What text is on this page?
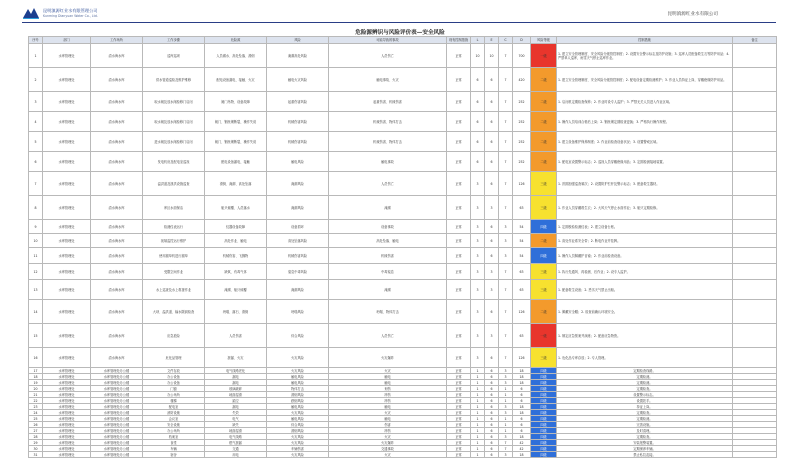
昆明滇源红业水有限管理公司
Kunming Dianyuan Water Co., Ltd.	昆明滇源红业水有限公司
危险源辨识与风险评价表—安全风险
序号	部门	工作场所	工作步骤	危险源	风险	可能导致的事故	现有控制措施	L	E	C	D	风险等级	控制措施	备注
1	水库管理处	清水海水库	巡库巡坝	人员溺水、高处坠落、滑倒	淹溺高处风险	人员伤亡	正常	10	10	7	700	一级	1. 建立安全管理制度、安全风险分级管控制度；2. 设置安全警示标志及防护设施；3. 巡库人员配备救生衣等防护用品；4. 严禁单人巡库，雨雪天气停止巡库作业。	
2	水库管理处	清水海水库	供水管道巡检及维护维修	配电设备漏电、接触、火灾	触电火灾风险	触电事故、火灾	正常	6	6	7	420	二级	1. 建立安全管理制度、安全风险分级管控制度；2. 配电设备定期检测维护；3. 作业人员持证上岗，穿戴绝缘防护用品。	
3	水库管理处	清水海水库	取水闸及放水闸检修门启闭	闸门吊物、设备故障	起重伤害风险	起重伤害、机械伤害	正常	6	6	7	252	二级	1. 启闭机定期检查保养；2. 作业时设专人监护；3. 严禁无关人员进入作业区域。	
4	水库管理处	清水海水库	取水闸及放水闸检修门启闭	闸门、钢丝绳断裂、操作失误	机械伤害风险	机械伤害、物体打击	正常	6	6	7	252	二级	1. 操作人员培训合格后上岗；2. 钢丝绳定期检查更换；3. 严格执行操作规程。	
5	水库管理处	清水海水库	进水闸及放水闸检修门启闭	闸门、钢丝绳断裂、操作失误	机械伤害风险	机械伤害、物体打击	正常	6	6	7	252	二级	1. 建立设备维护保养制度；2. 作业前检查设备状况；3. 设置警戒区域。	
6	水库管理处	清水海水库	发电机房及配电室巡视	配电设备漏电、接触	触电风险	触电事故	正常	6	6	7	252	二级	1. 配电室设置警示标志；2. 巡视人员穿戴绝缘用品；3. 定期检测接地装置。	
7	水库管理处	清水海水库	溢洪道及泄洪设施巡查	滑倒、淹溺、高处坠落	淹溺风险	人员伤亡	正常	3	6	7	126	三级	1. 汛期加强巡查频次；2. 设置防护栏杆及警示标志；3. 配备救生器材。	
8	水库管理处	清水海水库	库区水面保洁	船只倾覆、人员落水	淹溺风险	淹溺	正常	3	3	7	63	三级	1. 作业人员穿戴救生衣；2. 大风天气停止水面作业；3. 船只定期检修。	
9	水库管理处	清水海水库	检测仪表运行	仪器设备故障	设备损坏	设备事故	正常	3	6	3	54	四级	1. 定期校验检测仪表；2. 建立设备台账。	
10	水库管理处	清水海水库	视频监控运行维护	高处作业、触电	高处坠落风险	高处坠落、触电	正常	3	6	3	54	二级	1. 高处作业系安全带；2. 断电作业并挂牌。	
11	水库管理处	清水海水库	使用割草机进行割草	机械伤害、飞溅物	机械伤害风险	机械伤害	正常	3	6	3	54	四级	1. 操作人员佩戴护目镜；2. 作业前检查设备。	
12	水库管理处	清水海水库	受限空间作业	缺氧、有毒气体	窒息中毒风险	中毒窒息	正常	3	3	7	63	三级	1. 执行先通风、再检测、后作业；2. 设专人监护。	
13	水库管理处	清水海水库	水上巡查及水上救援作业	淹溺、船只倾覆	淹溺风险	淹溺	正常	3	3	7	63	三级	1. 配备救生设备；2. 恶劣天气禁止出船。	
14	水库管理处	清水海水库	大坝、溢洪道、输水隧洞检查	坍塌、落石、滑倒	坍塌风险	坍塌、物体打击	正常	3	6	7	126	二级	1. 佩戴安全帽；2. 检查前确认环境安全。	
15	水库管理处	清水海水库	应急抢险	人员伤害	综合风险	人员伤亡	正常	3	3	7	63	一级	1. 制定应急预案并演练；2. 配备应急物资。	
16	水库管理处	清水海水库	危化品管理	泄漏、火灾	火灾风险	火灾爆炸	正常	3	6	7	126	三级	1. 危化品专库存放；2. 专人管理。	
17	水库管理处	水库管理处办公楼	文件存放	电气线路老化	火灾风险	火灾	正常	1	6	3	18	四级	定期检查线路。	
18	水库管理处	水库管理处办公楼	办公设备	漏电	触电风险	触电	正常	1	6	3	18	四级	定期检测。	
19	水库管理处	水库管理处办公楼	办公设备	漏电	触电风险	触电	正常	1	6	3	18	四级	定期检测。	
20	水库管理处	水库管理处办公楼	门窗	玻璃破碎	物体打击	划伤	正常	1	6	1	6	四级	定期检查。	
21	水库管理处	水库管理处办公楼	办公场所	地面湿滑	滑倒风险	摔伤	正常	1	6	1	6	四级	设置警示标志。	
22	水库管理处	水库管理处办公楼	楼梯	踏空	跌倒风险	摔伤	正常	1	6	1	6	四级	设置扶手。	
23	水库管理处	水库管理处办公楼	配电室	漏电	触电风险	触电	正常	1	6	3	18	四级	持证上岗。	
24	水库管理处	水库管理处办公楼	消防设施	失效	火灾风险	火灾	正常	1	6	3	18	四级	定期检查。	
25	水库管理处	水库管理处办公楼	会议室	电气	触电风险	触电	正常	1	6	1	6	四级	定期检测。	
26	水库管理处	水库管理处办公楼	安全设施	缺失	综合风险	伤害	正常	1	6	1	6	四级	完善设施。	
27	水库管理处	水库管理处办公楼	办公场所	地面湿滑	滑倒风险	摔伤	正常	1	6	1	6	四级	及时清理。	
28	水库管理处	水库管理处办公楼	档案室	电气线路	火灾风险	火灾	正常	1	6	3	18	四级	定期检查。	
29	水库管理处	水库管理处办公楼	食堂	燃气泄漏	火灾风险	火灾爆炸	正常	1	6	7	42	四级	安装报警装置。	
30	水库管理处	水库管理处办公楼	车辆	交通	车辆伤害	交通事故	正常	1	6	7	42	四级	定期保养车辆。	
31	水库管理处	水库管理处办公楼	宿舍	用电	火灾风险	火灾	正常	1	6	3	18	四级	禁止私拉乱接。	
